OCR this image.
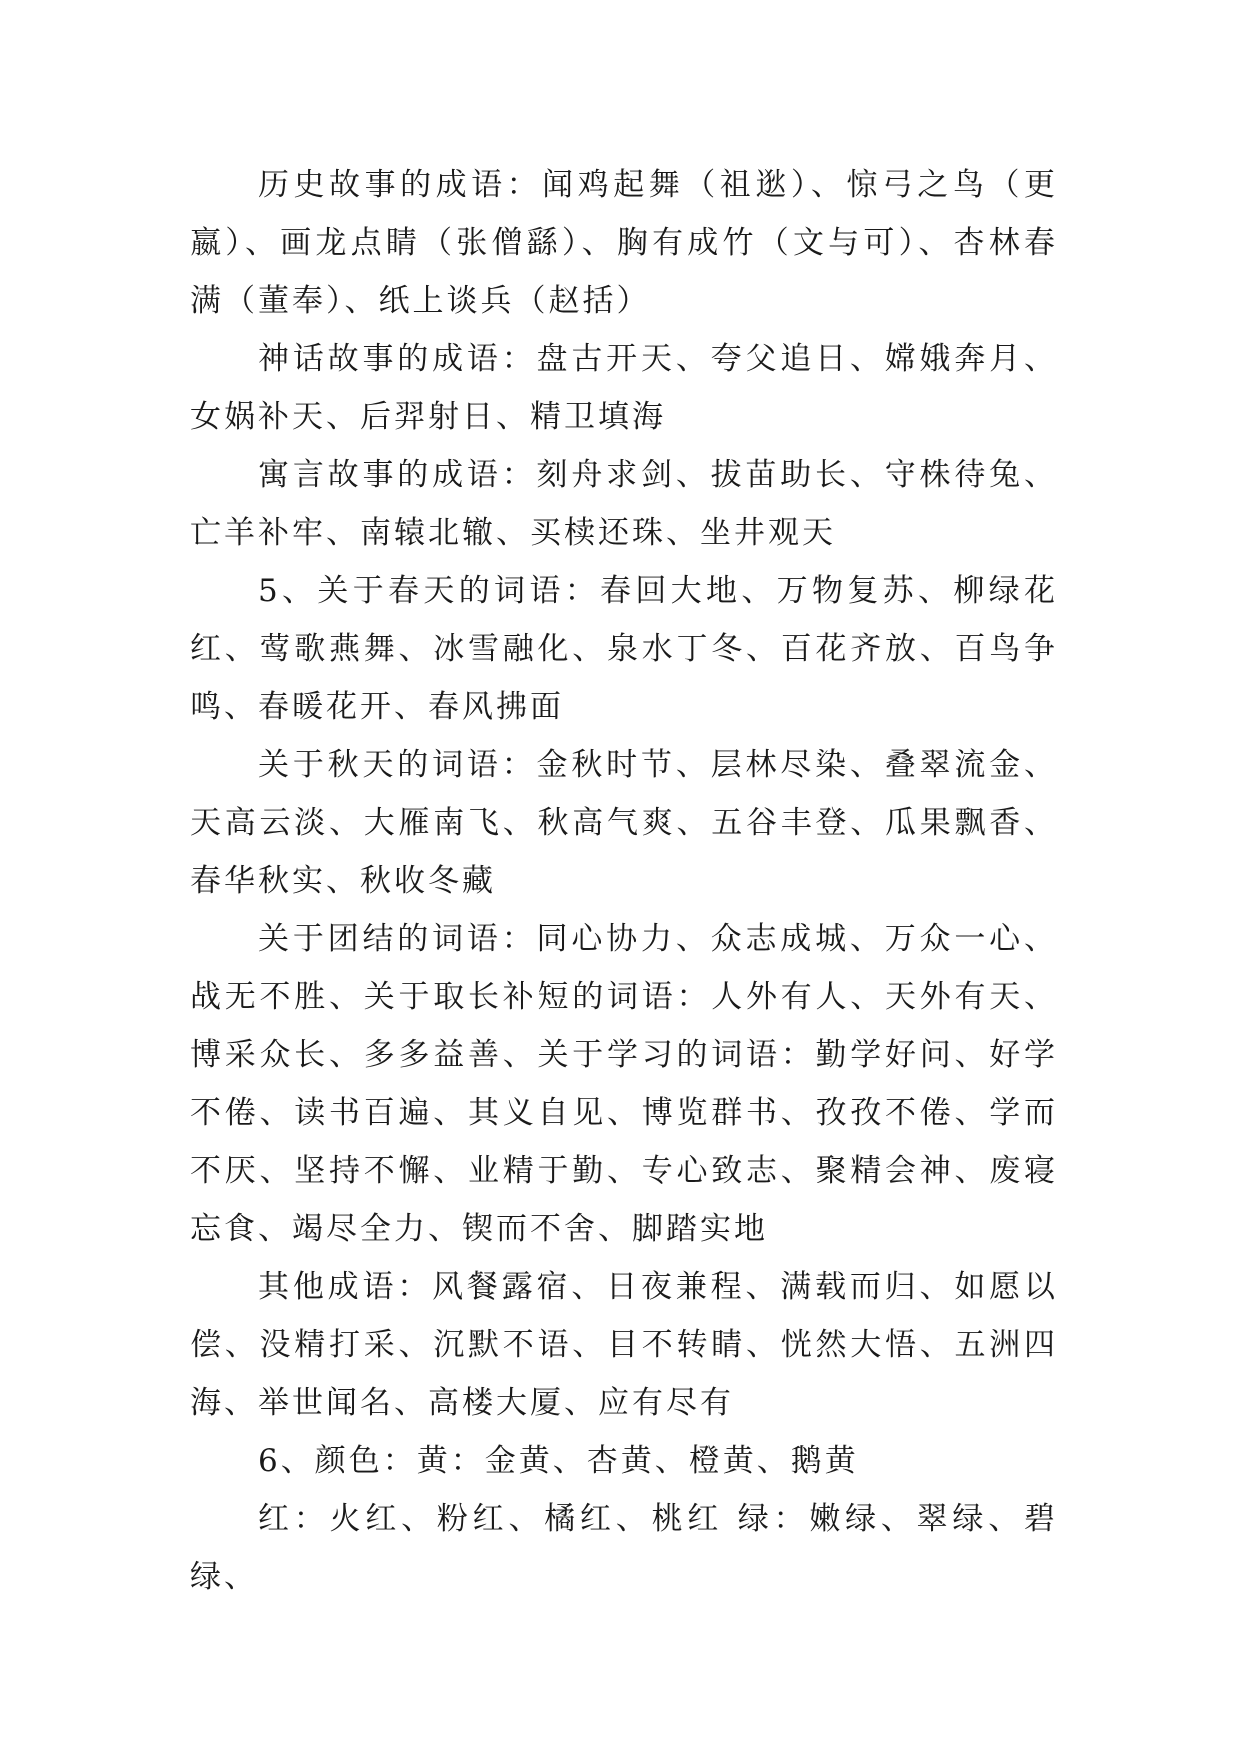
历史故事的成语：闻鸡起舞（祖逖）、惊弓之鸟（更嬴）、画龙点睛（张僧繇）、胸有成竹（文与可）、杏林春满（董奉）、纸上谈兵（赵括）

神话故事的成语：盘古开天、夸父追日、嫦娥奔月、女娲补天、后羿射日、精卫填海

寓言故事的成语：刻舟求剑、拔苗助长、守株待兔、亡羊补牢、南辕北辙、买椟还珠、坐井观天

5、关于春天的词语：春回大地、万物复苏、柳绿花红、莺歌燕舞、冰雪融化、泉水丁冬、百花齐放、百鸟争鸣、春暖花开、春风拂面

关于秋天的词语：金秋时节、层林尽染、叠翠流金、天高云淡、大雁南飞、秋高气爽、五谷丰登、瓜果飘香、春华秋实、秋收冬藏

关于团结的词语：同心协力、众志成城、万众一心、战无不胜、关于取长补短的词语：人外有人、天外有天、博采众长、多多益善、关于学习的词语：勤学好问、好学不倦、读书百遍、其义自见、博览群书、孜孜不倦、学而不厌、坚持不懈、业精于勤、专心致志、聚精会神、废寝忘食、竭尽全力、锲而不舍、脚踏实地

其他成语：风餐露宿、日夜兼程、满载而归、如愿以偿、没精打采、沉默不语、目不转睛、恍然大悟、五洲四海、举世闻名、高楼大厦、应有尽有

6、颜色：黄：金黄、杏黄、橙黄、鹅黄

红：火红、粉红、橘红、桃红 绿：嫩绿、翠绿、碧绿、
